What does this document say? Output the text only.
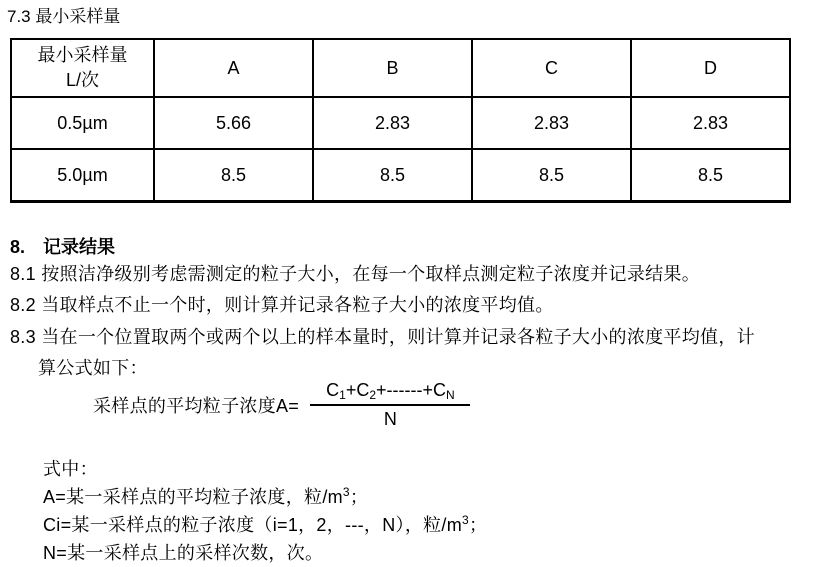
7.3 最小采样量
最小采样量
L/次	A	B	C	D
0.5µm	5.66	2.83	2.83	2.83
5.0µm	8.5	8.5	8.5	8.5
8.　记录结果
8.1 按照洁净级别考虑需测定的粒子大小，在每一个取样点测定粒子浓度并记录结果。
8.2 当取样点不止一个时，则计算并记录各粒子大小的浓度平均值。
8.3 当在一个位置取两个或两个以上的样本量时，则计算并记录各粒子大小的浓度平均值，计
算公式如下：
采样点的平均粒子浓度$A= \frac{C_1+C_2+------+C_N}{N}$
式中：
A=某一采样点的平均粒子浓度，粒$/m^3$；
Ci=某一采样点的粒子浓度（i=1，2，---，N），粒$/m^3$；
N=某一采样点上的采样次数，次。
